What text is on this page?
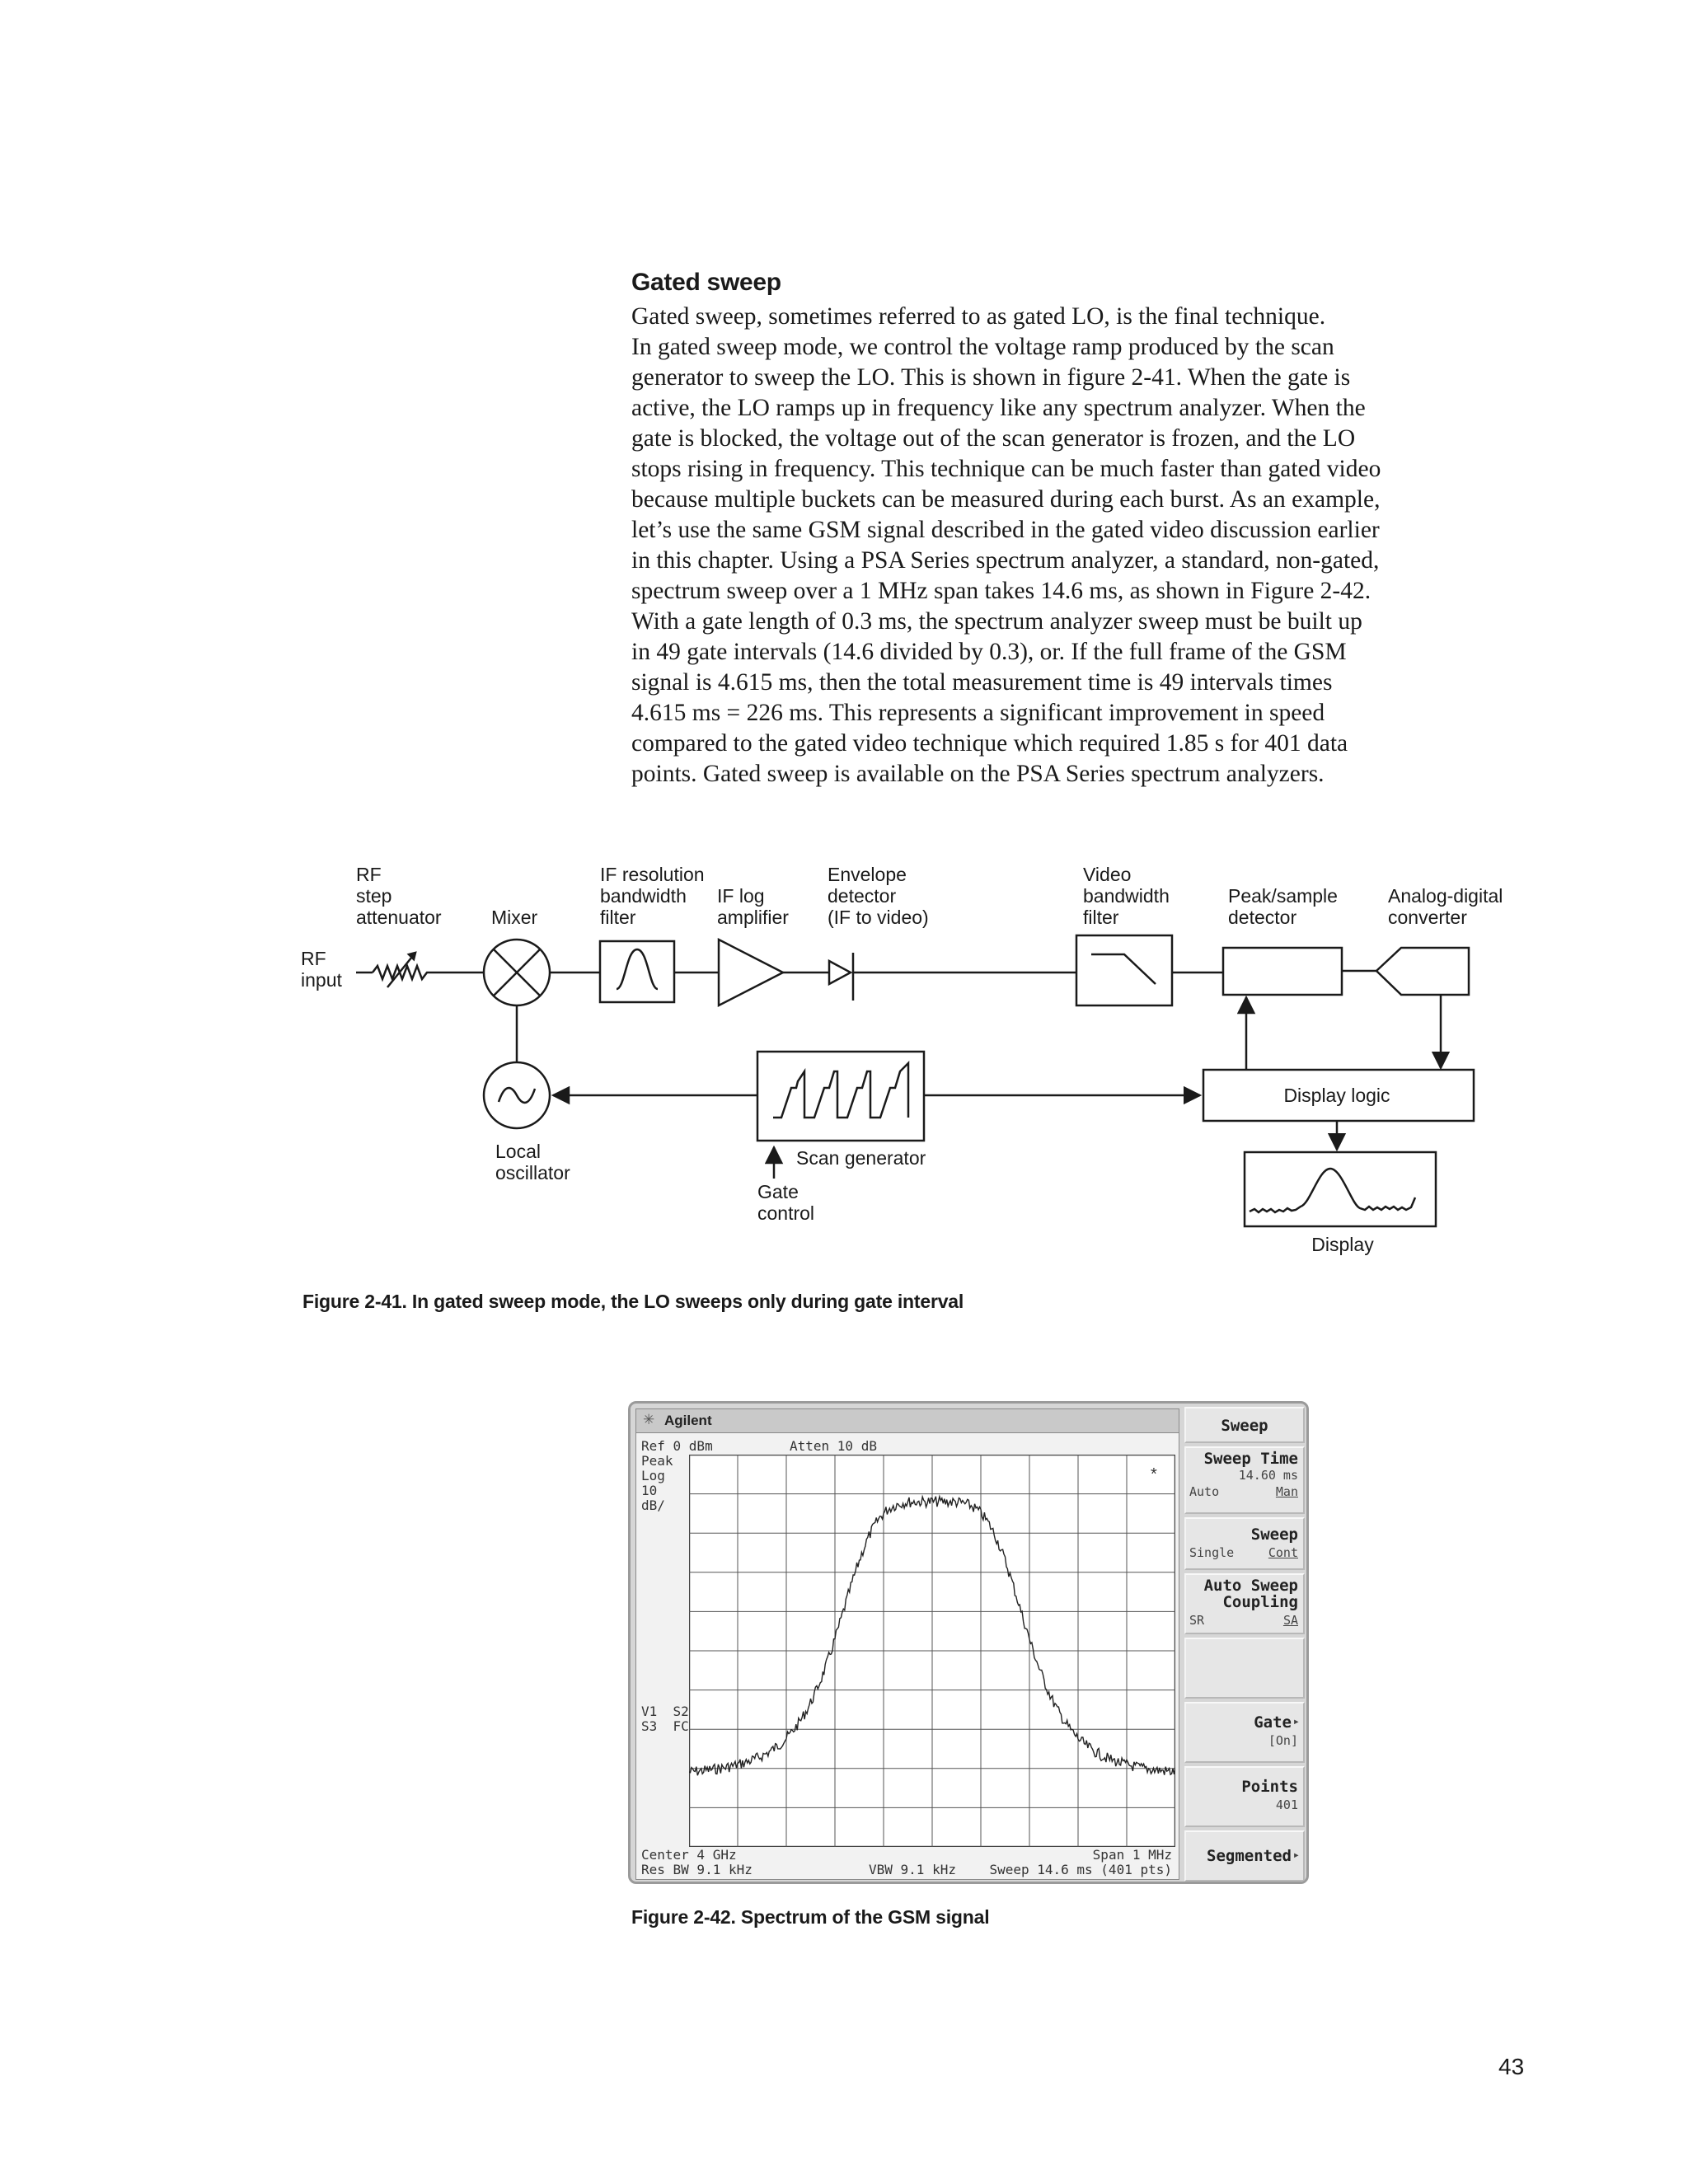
Gated sweep

Gated sweep, sometimes referred to as gated LO, is the final technique.
In gated sweep mode, we control the voltage ramp produced by the scan
generator to sweep the LO. This is shown in figure 2-41. When the gate is
active, the LO ramps up in frequency like any spectrum analyzer. When the
gate is blocked, the voltage out of the scan generator is frozen, and the LO
stops rising in frequency. This technique can be much faster than gated video
because multiple buckets can be measured during each burst. As an example,
let’s use the same GSM signal described in the gated video discussion earlier
in this chapter. Using a PSA Series spectrum analyzer, a standard, non-gated,
spectrum sweep over a 1 MHz span takes 14.6 ms, as shown in Figure 2-42.
With a gate length of 0.3 ms, the spectrum analyzer sweep must be built up
in 49 gate intervals (14.6 divided by 0.3), or. If the full frame of the GSM
signal is 4.615 ms, then the total measurement time is 49 intervals times
4.615 ms = 226 ms. This represents a significant improvement in speed
compared to the gated video technique which required 1.85 s for 401 data
points. Gated sweep is available on the PSA Series spectrum analyzers.

RF step attenuator	Mixer
IF resolution bandwidth filter
IF log amplifier
Envelope detector (IF to video)
Video bandwidth filter
Peak/sample detector
Analog-digital converter
RF input
Local oscillator
Scan generator
Gate control
Display logic
Display

Figure 2-41. In gated sweep mode, the LO sweeps only during gate interval

✳ Agilent
Ref 0 dBm	Atten 10 dB
Peak
Log
10
dB/
V1  S2
S3  FC
Center 4 GHz	Span 1 MHz
Res BW 9.1 kHz	VBW 9.1 kHz	Sweep 14.6 ms (401 pts)
*
Sweep
Sweep Time
14.60 ms
Auto	Man
Sweep
Single	Cont
Auto Sweep
Coupling
SR	SA
Gate ▸
[On]
Points
401
Segmented ▸

Figure 2-42. Spectrum of the GSM signal

43
